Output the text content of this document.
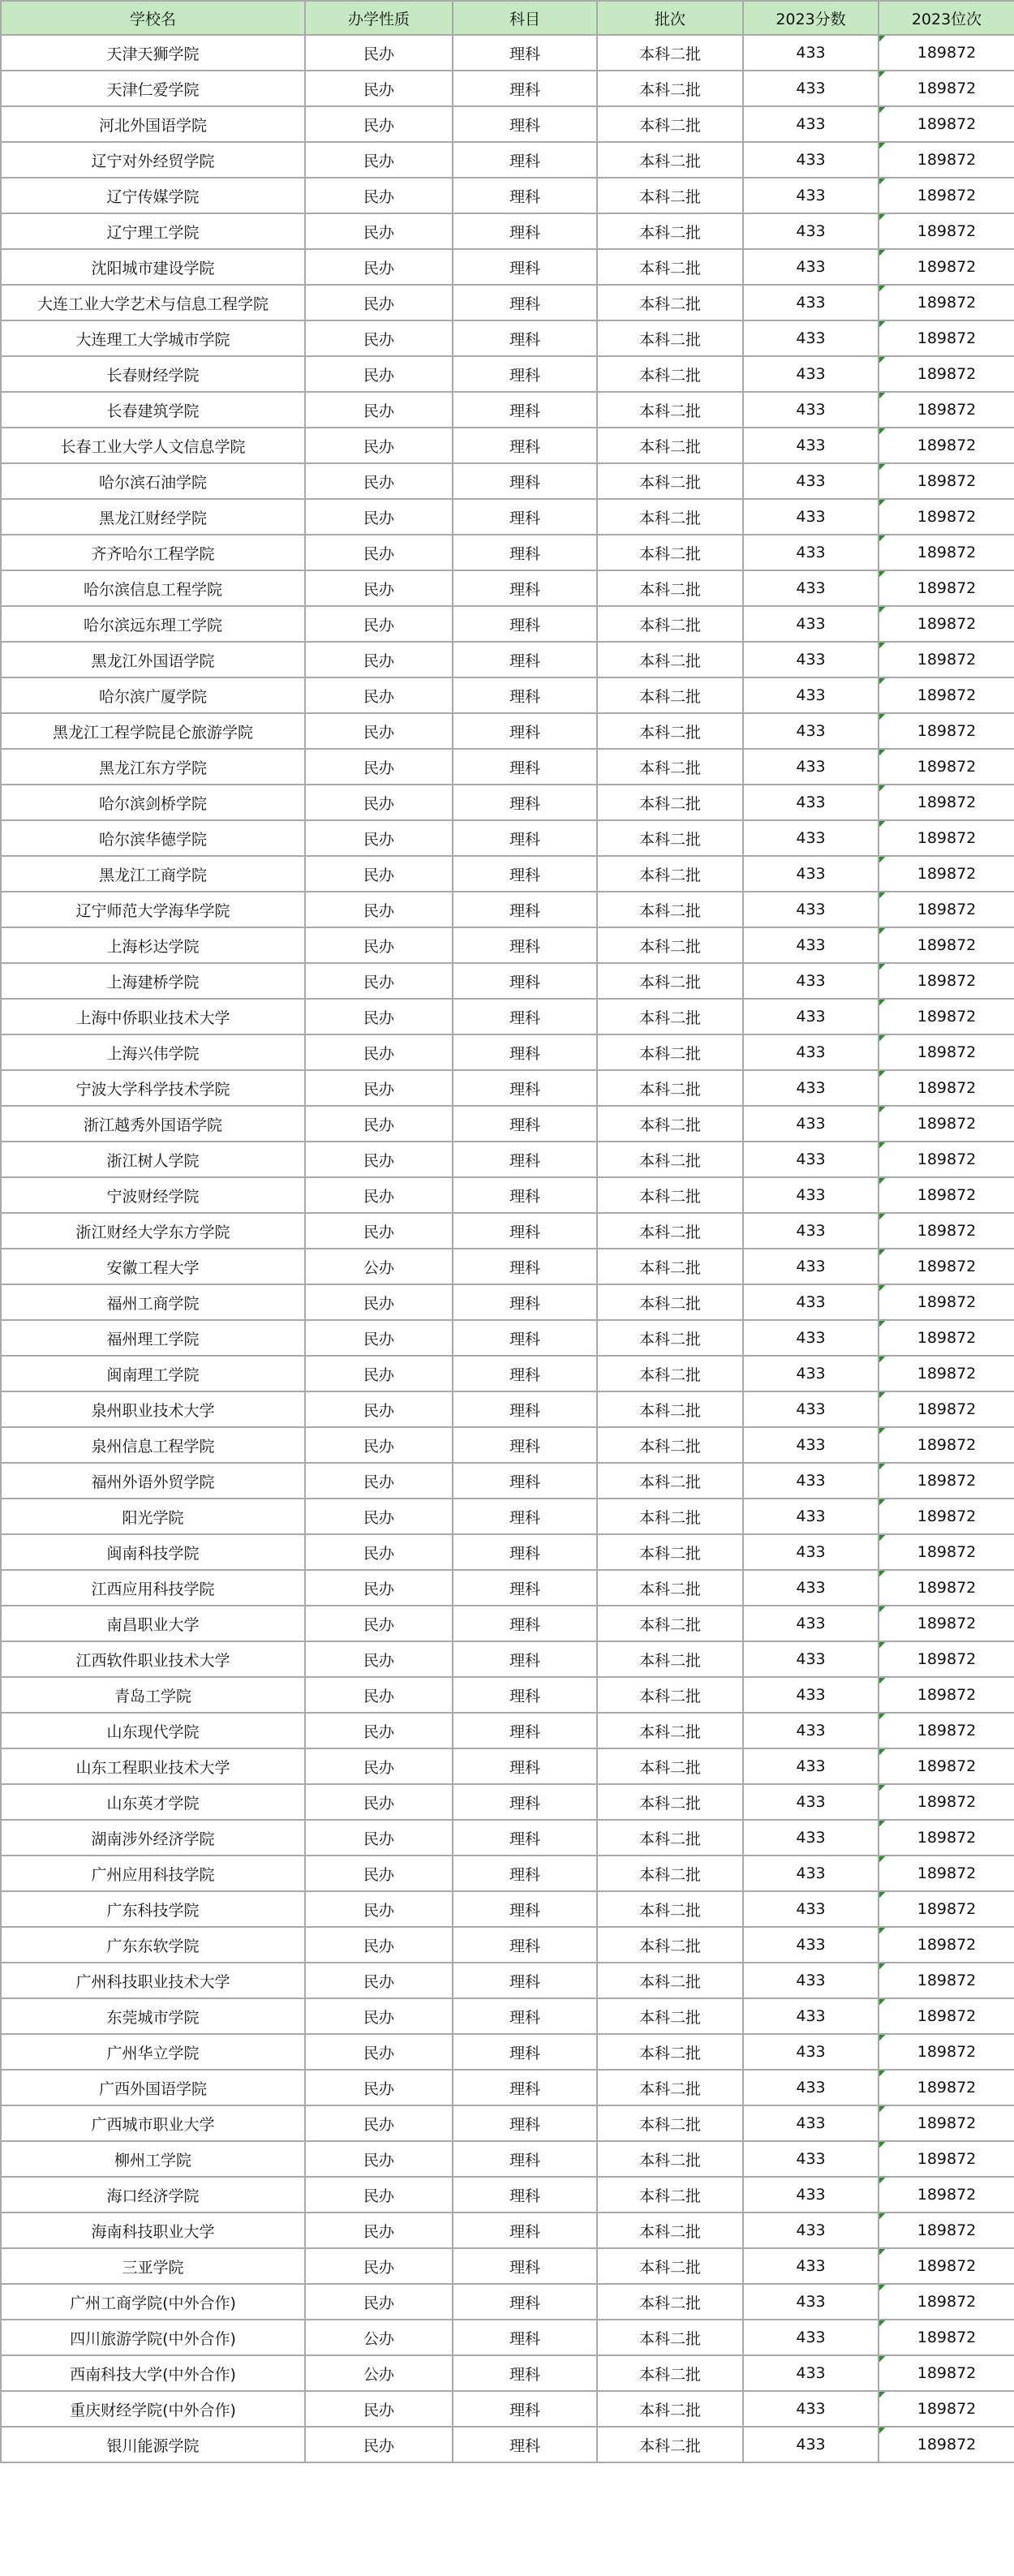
学校名	办学性质	科目	批次	2023分数	2023位次
天津天狮学院	民办	理科	本科二批	433	189872
天津仁爱学院	民办	理科	本科二批	433	189872
河北外国语学院	民办	理科	本科二批	433	189872
辽宁对外经贸学院	民办	理科	本科二批	433	189872
辽宁传媒学院	民办	理科	本科二批	433	189872
辽宁理工学院	民办	理科	本科二批	433	189872
沈阳城市建设学院	民办	理科	本科二批	433	189872
大连工业大学艺术与信息工程学院	民办	理科	本科二批	433	189872
大连理工大学城市学院	民办	理科	本科二批	433	189872
长春财经学院	民办	理科	本科二批	433	189872
长春建筑学院	民办	理科	本科二批	433	189872
长春工业大学人文信息学院	民办	理科	本科二批	433	189872
哈尔滨石油学院	民办	理科	本科二批	433	189872
黑龙江财经学院	民办	理科	本科二批	433	189872
齐齐哈尔工程学院	民办	理科	本科二批	433	189872
哈尔滨信息工程学院	民办	理科	本科二批	433	189872
哈尔滨远东理工学院	民办	理科	本科二批	433	189872
黑龙江外国语学院	民办	理科	本科二批	433	189872
哈尔滨广厦学院	民办	理科	本科二批	433	189872
黑龙江工程学院昆仑旅游学院	民办	理科	本科二批	433	189872
黑龙江东方学院	民办	理科	本科二批	433	189872
哈尔滨剑桥学院	民办	理科	本科二批	433	189872
哈尔滨华德学院	民办	理科	本科二批	433	189872
黑龙江工商学院	民办	理科	本科二批	433	189872
辽宁师范大学海华学院	民办	理科	本科二批	433	189872
上海杉达学院	民办	理科	本科二批	433	189872
上海建桥学院	民办	理科	本科二批	433	189872
上海中侨职业技术大学	民办	理科	本科二批	433	189872
上海兴伟学院	民办	理科	本科二批	433	189872
宁波大学科学技术学院	民办	理科	本科二批	433	189872
浙江越秀外国语学院	民办	理科	本科二批	433	189872
浙江树人学院	民办	理科	本科二批	433	189872
宁波财经学院	民办	理科	本科二批	433	189872
浙江财经大学东方学院	民办	理科	本科二批	433	189872
安徽工程大学	公办	理科	本科二批	433	189872
福州工商学院	民办	理科	本科二批	433	189872
福州理工学院	民办	理科	本科二批	433	189872
闽南理工学院	民办	理科	本科二批	433	189872
泉州职业技术大学	民办	理科	本科二批	433	189872
泉州信息工程学院	民办	理科	本科二批	433	189872
福州外语外贸学院	民办	理科	本科二批	433	189872
阳光学院	民办	理科	本科二批	433	189872
闽南科技学院	民办	理科	本科二批	433	189872
江西应用科技学院	民办	理科	本科二批	433	189872
南昌职业大学	民办	理科	本科二批	433	189872
江西软件职业技术大学	民办	理科	本科二批	433	189872
青岛工学院	民办	理科	本科二批	433	189872
山东现代学院	民办	理科	本科二批	433	189872
山东工程职业技术大学	民办	理科	本科二批	433	189872
山东英才学院	民办	理科	本科二批	433	189872
湖南涉外经济学院	民办	理科	本科二批	433	189872
广州应用科技学院	民办	理科	本科二批	433	189872
广东科技学院	民办	理科	本科二批	433	189872
广东东软学院	民办	理科	本科二批	433	189872
广州科技职业技术大学	民办	理科	本科二批	433	189872
东莞城市学院	民办	理科	本科二批	433	189872
广州华立学院	民办	理科	本科二批	433	189872
广西外国语学院	民办	理科	本科二批	433	189872
广西城市职业大学	民办	理科	本科二批	433	189872
柳州工学院	民办	理科	本科二批	433	189872
海口经济学院	民办	理科	本科二批	433	189872
海南科技职业大学	民办	理科	本科二批	433	189872
三亚学院	民办	理科	本科二批	433	189872
广州工商学院(中外合作)	民办	理科	本科二批	433	189872
四川旅游学院(中外合作)	公办	理科	本科二批	433	189872
西南科技大学(中外合作)	公办	理科	本科二批	433	189872
重庆财经学院(中外合作)	民办	理科	本科二批	433	189872
银川能源学院	民办	理科	本科二批	433	189872
